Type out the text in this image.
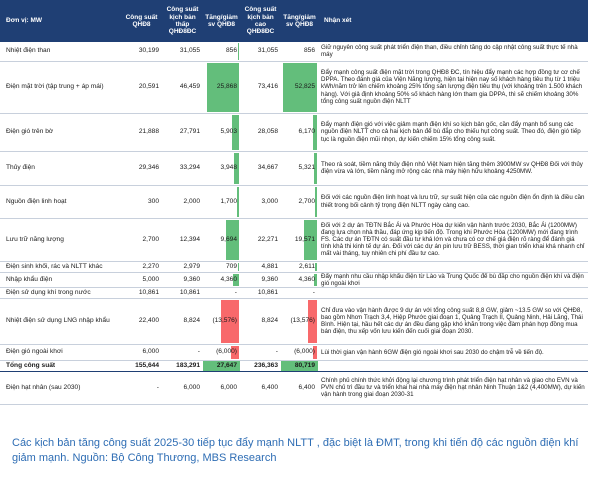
Đơn vị: MW	Công suất QHĐ8	Công suất kịch bản thấp QHĐ8ĐC	Tăng/giảm sv QHĐ8	Công suất kịch bản cao QHĐ8ĐC	Tăng/giảm sv QHĐ8	Nhận xét
Nhiệt điện than	30,199	31,055	856	31,055	856	Giữ nguyên công suất phát triển điện than, điều chỉnh tăng do cập nhật công suất thực tế nhà máy
Điện mặt trời (tập trung + áp mái)	20,591	46,459	25,868	73,416	52,825	Đẩy mạnh công suất điện mặt trời trong QHĐ8 ĐC, tín hiệu đẩy mạnh các hợp đồng tư cơ chế DPPA. Theo đánh giá của Viện Năng lượng, hiện tại hiện nay số khách hàng tiêu thụ từ 1 triệu kWh/năm trở lên chiếm khoảng 25% tổng sản lượng điện tiêu thụ (với khoảng trên 1.500 khách hàng). Với giả định khoảng 50% số khách hàng lớn tham gia DPPA, thì sẽ chiếm khoảng 30% tổng công suất nguồn điện NLTT
Điện gió trên bờ	21,888	27,791	5,903	28,058	6,170	Đẩy mạnh điện gió với việc giảm mạnh điện khí so kịch bản gốc, cần đẩy mạnh bổ sung các nguồn điện NLTT cho cả hai kịch bản để bù đắp cho thiếu hụt công suất. Theo đó, điện gió tiếp tục là nguồn điện mũi nhọn, dự kiến chiếm 15% tổng công suất.
Thủy điện	29,346	33,294	3,948	34,667	5,321	Theo rà soát, tiềm năng thủy điện nhỏ Việt Nam hiện tăng thêm 3900MW sv QHĐ8 Đối với thủy điện vừa và lớn, tiềm năng mở rộng các nhà máy hiện hữu khoảng 4250MW.
Nguồn điện linh hoạt	300	2,000	1,700	3,000	2,700	Đối với các nguồn điện linh hoạt và lưu trữ, sự suất hiện của các nguồn điện ổn định là điều cần thiết trong bối cảnh tỷ trọng điện NLTT ngày càng cao.
Lưu trữ năng lượng	2,700	12,394	9,694	22,271	19,571	Đối với 2 dự án TĐTN Bắc Ái và Phước Hòa dự kiến vận hành trước 2030, Bắc Ái (1200MW) đang lựa chọn nhà thầu, đáp ứng kịp tiến độ. Trong khi Phước Hòa (1200MW) mới đang trình FS. Các dự án TĐTN có suất đầu tư khá lớn và chưa có cơ chế giá điện rõ ràng để đánh giá tính khả thi kinh tế dự án. Đối với các dự án pin lưu trữ BESS, thời gian triển khai khá nhanh chỉ mất vài tháng, tuy nhiên chi phí đầu tư cao.
Điện sinh khối, rác và NLTT khác	2,270	2,979	709	4,881	2,611	

Nhập khẩu điện	5,000	9,360	4,360	9,360	4,360	Đẩy mạnh nhu cầu nhập khẩu điện từ Lào và Trung Quốc để bù đắp cho nguồn điện khí và điện gió ngoài khơi
Điện sử dụng khí trong nước	10,861	10,861	-	10,861	-	

Nhiệt điện sử dụng LNG nhập khẩu	22,400	8,824	(13,576)	8,824	(13,576)	Chỉ đưa vào vận hành được 9 dự án với tổng công suất 8,8 GW, giảm ~13.5 GW so với QHĐ8, bao gồm Nhơn Trạch 3,4, Hiệp Phước giai đoạn 1, Quảng Trạch II, Quảng Ninh, Hải Lăng, Thái Bình. Hiện tại, hầu hết các dự án đều đang gặp khó khăn trong việc đàm phán hợp đồng mua bán điện, thu xếp vốn lưu kiến đến cuối giai đoạn 2030.
Điện gió ngoài khơi	6,000	-	(6,000)	-	(6,000)	Lùi thời gian vận hành 6GW điện gió ngoài khơi sau 2030 do chậm trễ về tiến độ.
Tổng công suất	155,644	183,291	27,647	236,363	80,719	
Điện hạt nhân (sau 2030)	-	6,000	6,000	6,400	6,400	Chính phủ chính thức khởi động lại chương trình phát triển điện hạt nhân và giao cho EVN và PVN chủ trì đầu tư và triển khai hai nhà máy điện hạt nhân Ninh Thuận 1&2 (4,400MW), dự kiến vận hành trong giai đoạn 2030-31
Các kịch bản tăng công suất 2025-30 tiếp tục đẩy mạnh NLTT , đặc biệt là ĐMT, trong khi tiến độ các nguồn điện khí giảm mạnh. Nguồn: Bộ Công Thương, MBS Research
